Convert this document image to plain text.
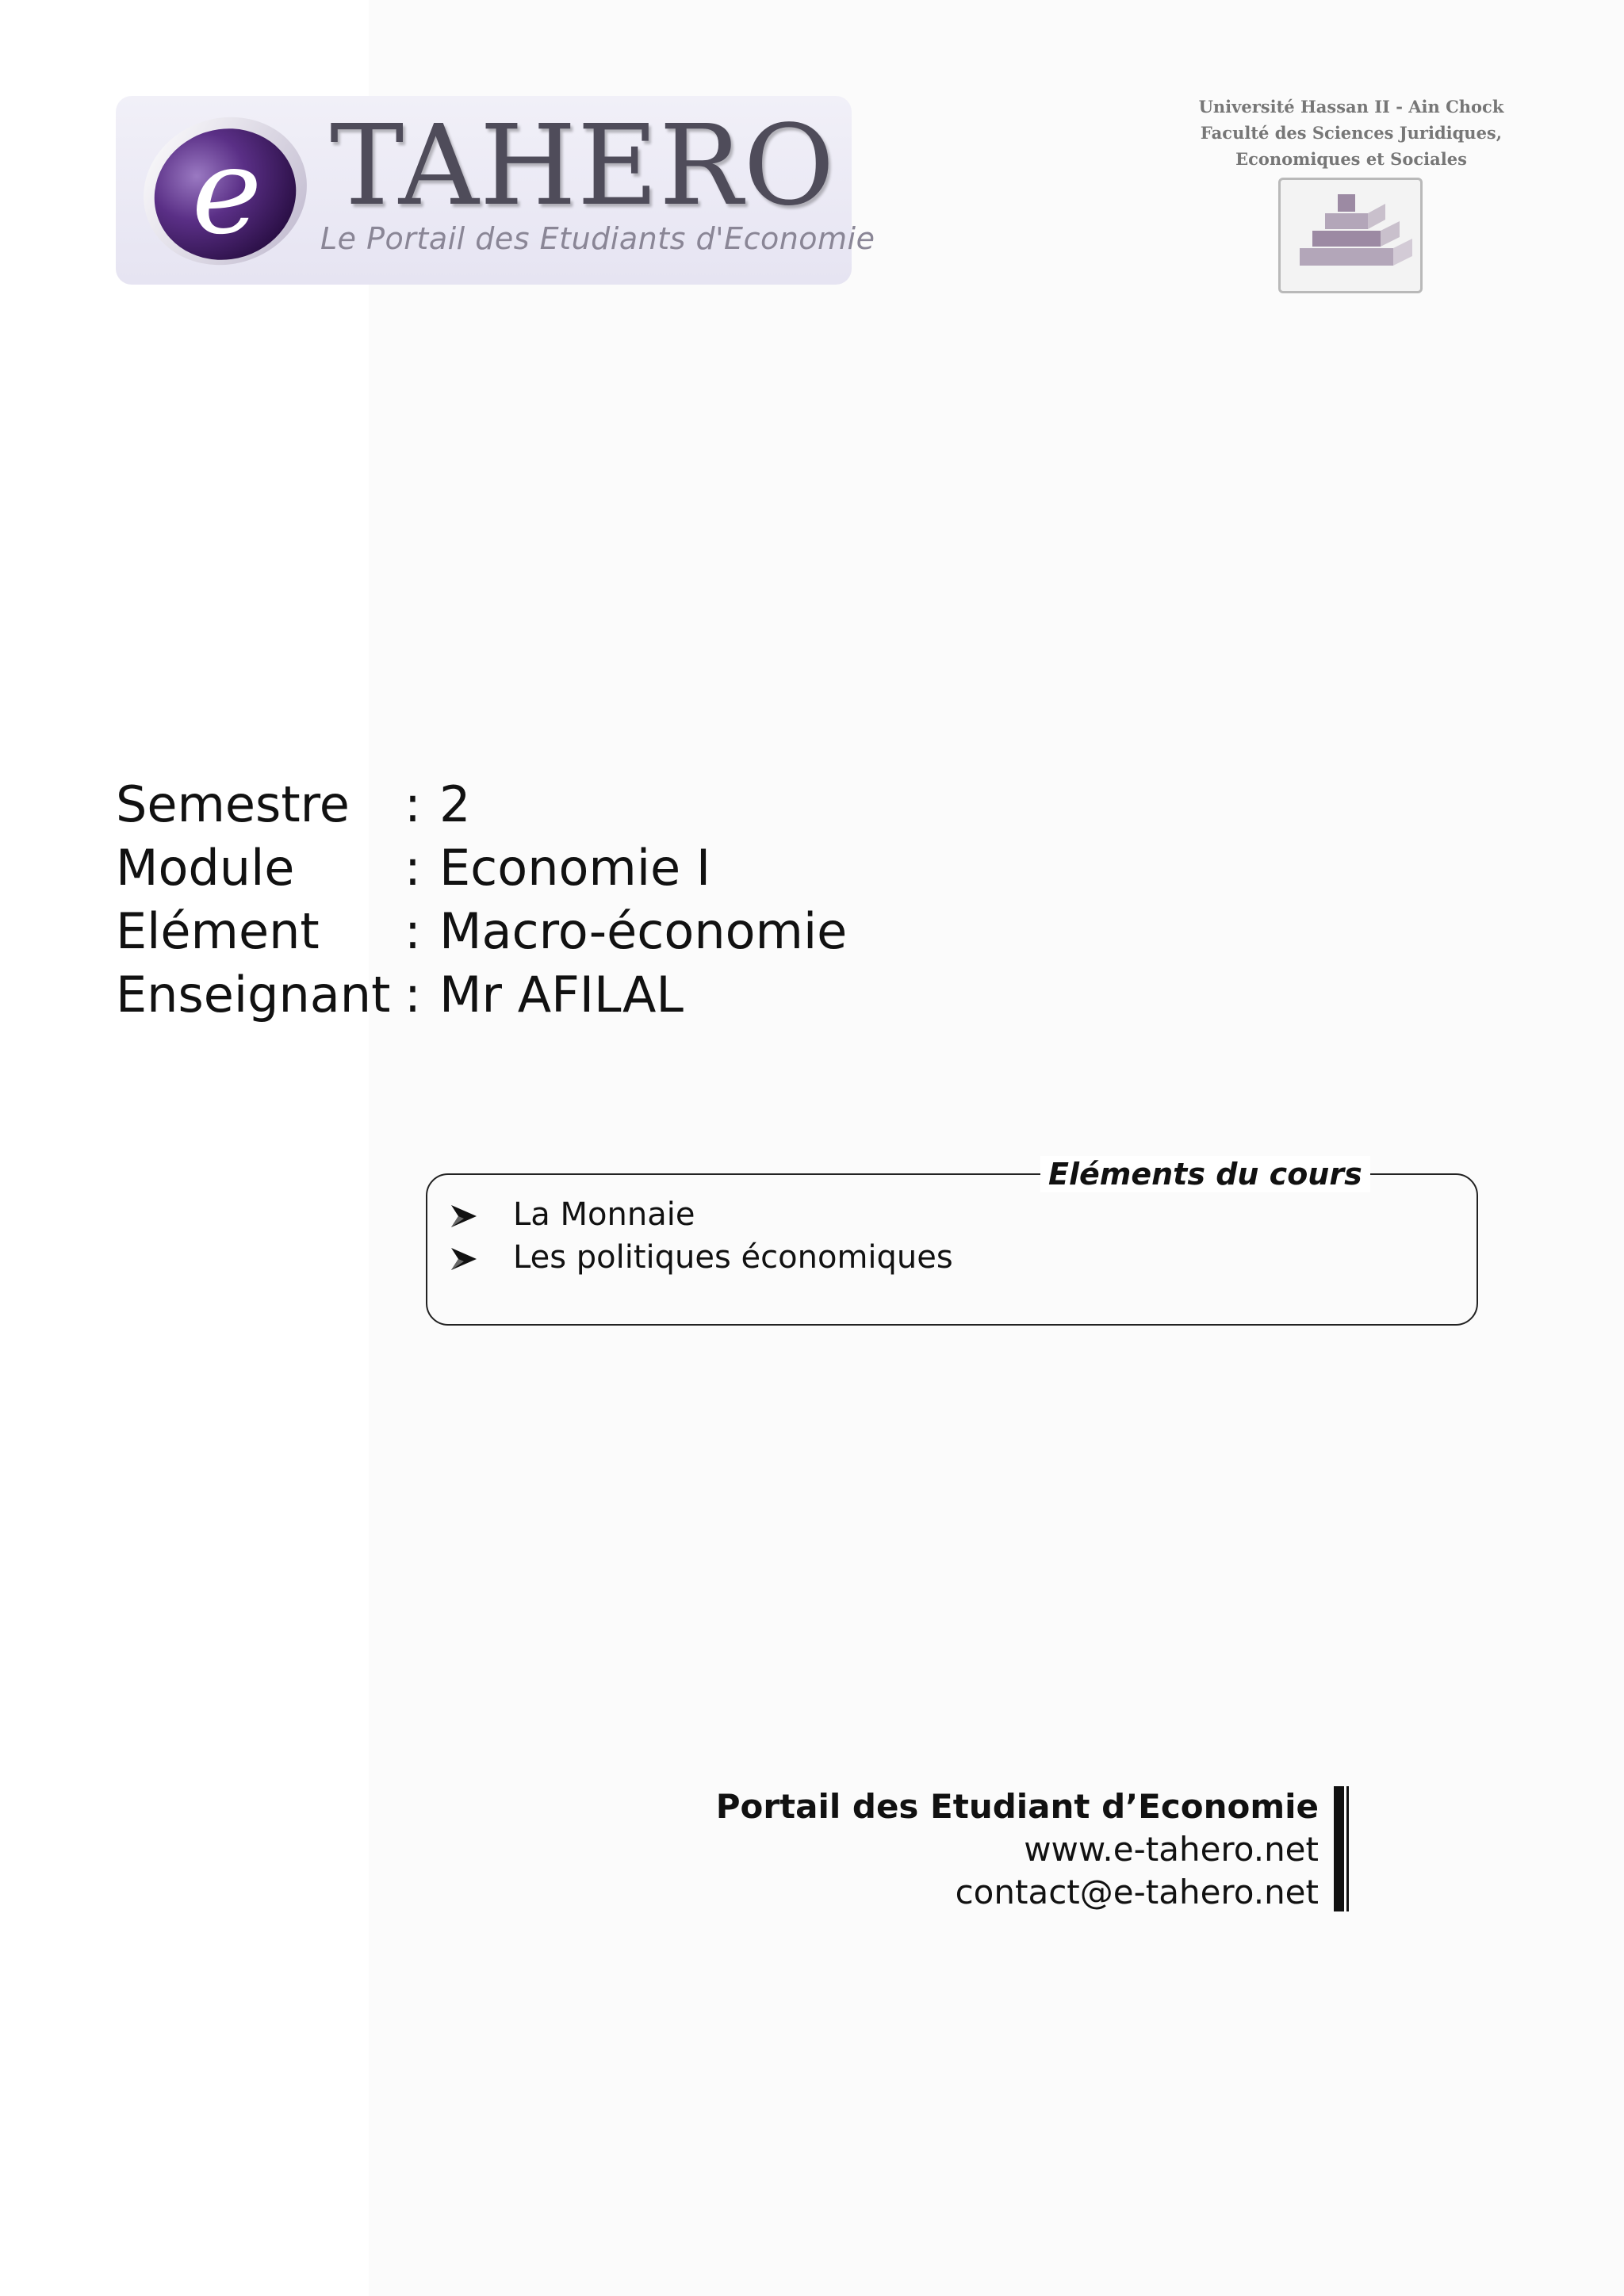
e TAHERO
Le Portail des Etudiants d'Economie
Université Hassan II - Ain Chock
Faculté des Sciences Juridiques,
Economiques et Sociales
Semestre : 2
Module : Economie I
Elément : Macro-économie
Enseignant : Mr AFILAL
Eléments du cours
La Monnaie
Les politiques économiques
Portail des Etudiant d’Economie
www.e-tahero.net
contact@e-tahero.net
